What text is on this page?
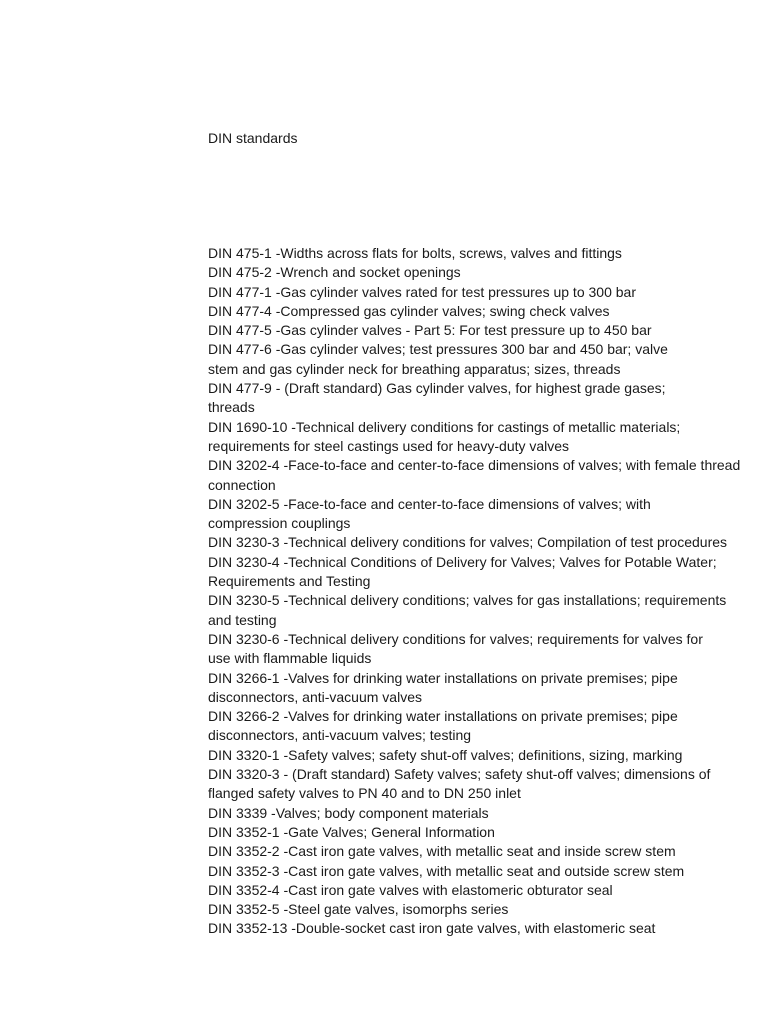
DIN standards
DIN 475-1 -Widths across flats for bolts, screws, valves and fittings
DIN 475-2 -Wrench and socket openings
DIN 477-1 -Gas cylinder valves rated for test pressures up to 300 bar
DIN 477-4 -Compressed gas cylinder valves; swing check valves
DIN 477-5 -Gas cylinder valves - Part 5: For test pressure up to 450 bar
DIN 477-6 -Gas cylinder valves; test pressures 300 bar and 450 bar; valve
stem and gas cylinder neck for breathing apparatus; sizes, threads
DIN 477-9 - (Draft standard) Gas cylinder valves, for highest grade gases;
threads
DIN 1690-10 -Technical delivery conditions for castings of metallic materials;
requirements for steel castings used for heavy-duty valves
DIN 3202-4 -Face-to-face and center-to-face dimensions of valves; with female thread
connection
DIN 3202-5 -Face-to-face and center-to-face dimensions of valves; with
compression couplings
DIN 3230-3 -Technical delivery conditions for valves; Compilation of test procedures
DIN 3230-4 -Technical Conditions of Delivery for Valves; Valves for Potable Water;
Requirements and Testing
DIN 3230-5 -Technical delivery conditions; valves for gas installations; requirements
and testing
DIN 3230-6 -Technical delivery conditions for valves; requirements for valves for
use with flammable liquids
DIN 3266-1 -Valves for drinking water installations on private premises; pipe
disconnectors, anti-vacuum valves
DIN 3266-2 -Valves for drinking water installations on private premises; pipe
disconnectors, anti-vacuum valves; testing
DIN 3320-1 -Safety valves; safety shut-off valves; definitions, sizing, marking
DIN 3320-3 - (Draft standard) Safety valves; safety shut-off valves; dimensions of
flanged safety valves to PN 40 and to DN 250 inlet
DIN 3339 -Valves; body component materials
DIN 3352-1 -Gate Valves; General Information
DIN 3352-2 -Cast iron gate valves, with metallic seat and inside screw stem
DIN 3352-3 -Cast iron gate valves, with metallic seat and outside screw stem
DIN 3352-4 -Cast iron gate valves with elastomeric obturator seal
DIN 3352-5 -Steel gate valves, isomorphs series
DIN 3352-13 -Double-socket cast iron gate valves, with elastomeric seat
